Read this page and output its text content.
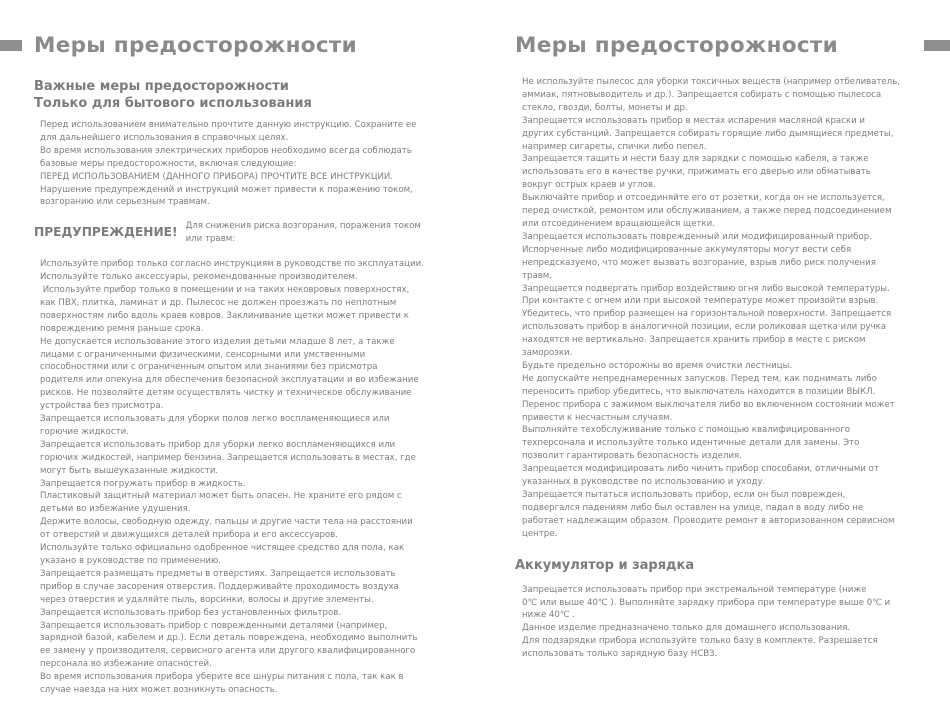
Меры предосторожности	Меры предосторожности
Важные меры предосторожности
Только для бытового использования
Перед использованием внимательно прочтите данную инструкцию. Сохраните ее
для дальнейшего использования в справочных целях.
Во время использования электрических приборов необходимо всегда соблюдать
базовые меры предосторожности, включая следующие:
ПЕРЕД ИСПОЛЬЗОВАНИЕМ (ДАННОГО ПРИБОРА) ПРОЧТИТЕ ВСЕ ИНСТРУКЦИИ.
Нарушение предупреждений и инструкций может привести к поражению током,
возгоранию или серьезным травмам.
ПРЕДУПРЕЖДЕНИЕ! Для снижения риска возгорания, поражения током
или травм:
Используйте прибор только согласно инструкциям в руководстве по эксплуатации.
Используйте только аксессуары, рекомендованные производителем.
Используйте прибор только в помещении и на таких нековровых поверхностях,
как ПВХ, плитка, ламинат и др. Пылесос не должен проезжать по неплотным
поверхностям либо вдоль краев ковров. Заклинивание щетки может привести к
повреждению ремня раньше срока.
Не допускается использование этого изделия детьми младше 8 лет, а также
лицами с ограниченными физическими, сенсорными или умственными
способностями или с ограниченным опытом или знаниями без присмотра
родителя или опекуна для обеспечения безопасной эксплуатации и во избежание
рисков. Не позволяйте детям осуществлять чистку и техническое обслуживание
устройства без присмотра.
Запрещается использовать для уборки полов легко воспламеняющиеся или
горючие жидкости.
Запрещается использовать прибор для уборки легко воспламеняющихся или
горючих жидкостей, например бензина. Запрещается использовать в местах, где
могут быть вышеуказанные жидкости.
Запрещается погружать прибор в жидкость.
Пластиковый защитный материал может быть опасен. Не храните его рядом с
детьми во избежание удушения.
Держите волосы, свободную одежду, пальцы и другие части тела на расстоянии
от отверстий и движущихся деталей прибора и его аксессуаров.
Используйте только официально одобренное чистящее средство для пола, как
указано в руководстве по применению.
Запрещается размещать предметы в отверстиях. Запрещается использовать
прибор в случае засорения отверстия. Поддерживайте проходимость воздуха
через отверстия и удаляйте пыль, ворсинки, волосы и другие элементы.
Запрещается использовать прибор без установленных фильтров.
Запрещается использовать прибор с поврежденными деталями (например,
зарядной базой, кабелем и др.). Если деталь повреждена, необходимо выполнить
ее замену у производителя, сервисного агента или другого квалифицированного
персонала во избежание опасностей.
Во время использования прибора уберите все шнуры питания с пола, так как в
случае наезда на них может возникнуть опасность.
Не используйте пылесос для уборки токсичных веществ (например отбеливатель,
аммиак, пятновыводитель и др.). Запрещается собирать с помощью пылесоса
стекло, гвозди, болты, монеты и др.
Запрещается использовать прибор в местах испарения масляной краски и
других субстанций. Запрещается собирать горящие либо дымящиеся предметы,
например сигареты, спички либо пепел.
Запрещается тащить и нести базу для зарядки с помощью кабеля, а также
использовать его в качестве ручки, прижимать его дверью или обматывать
вокруг острых краев и углов.
Выключайте прибор и отсоединяйте его от розетки, когда он не используется,
перед очисткой, ремонтом или обслуживанием, а также перед подсоединением
или отсоединением вращающейся щетки.
Запрещается использовать поврежденный или модифицированный прибор.
Испорченные либо модифицированные аккумуляторы могут вести себя
непредсказуемо, что может вызвать возгорание, взрыв либо риск получения
травм.
Запрещается подвергать прибор воздействию огня либо высокой температуры.
При контакте с огнем или при высокой температуре может произойти взрыв.
Убедитесь, что прибор размещен на горизонтальной поверхности. Запрещается
использовать прибор в аналогичной позиции, если роликовая щетка или ручка
находятся не вертикально. Запрещается хранить прибор в месте с риском
заморозки.
Будьте предельно осторожны во время очистки лестницы.
Не допускайте непреднамеренных запусков. Перед тем, как поднимать либо
переносить прибор убедитесь, что выключатель находится в позиции ВЫКЛ.
Перенос прибора с зажимом выключателя либо во включенном состоянии может
привести к несчастным случаям.
Выполняйте техобслуживание только с помощью квалифицированного
техперсонала и используйте только идентичные детали для замены. Это
позволит гарантировать безопасность изделия.
Запрещается модифицировать либо чинить прибор способами, отличными от
указанных в руководстве по использованию и уходу.
Запрещается пытаться использовать прибор, если он был поврежден,
подвергался падениям либо был оставлен на улице, падал в воду либо не
работает надлежащим образом. Проводите ремонт в авторизованном сервисном
центре.
Аккумулятор и зарядка
Запрещается использовать прибор при экстремальной температуре (ниже
0℃ или выше 40℃ ). Выполняйте зарядку прибора при температуре выше 0℃ и
ниже 40℃ .
Данное изделие предназначено только для домашнего использования.
Для подзарядки прибора используйте только базу в комплекте. Разрешается
использовать только зарядную базу HCB3.
